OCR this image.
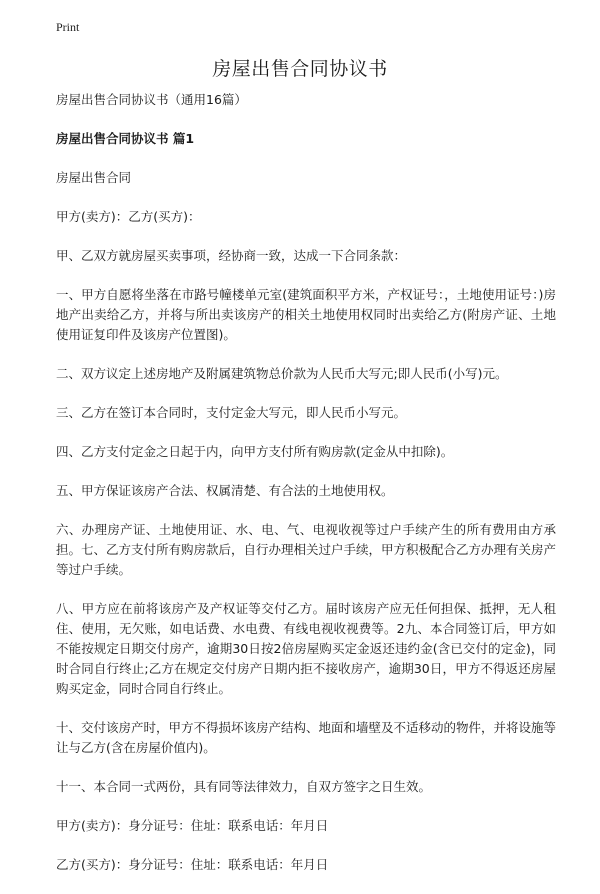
Print
房屋出售合同协议书

房屋出售合同协议书（通用16篇）

房屋出售合同协议书 篇1

房屋出售合同

甲方(卖方)：乙方(买方)：

甲、乙双方就房屋买卖事项，经协商一致，达成一下合同条款：

一、甲方自愿将坐落在市路号幢楼单元室(建筑面积平方米，产权证号：，土地使用证号：)房地产出卖给乙方，并将与所出卖该房产的相关土地使用权同时出卖给乙方(附房产证、土地使用证复印件及该房产位置图)。

二、双方议定上述房地产及附属建筑物总价款为人民币大写元;即人民币(小写)元。

三、乙方在签订本合同时，支付定金大写元，即人民币小写元。

四、乙方支付定金之日起于内，向甲方支付所有购房款(定金从中扣除)。

五、甲方保证该房产合法、权属清楚、有合法的土地使用权。

六、办理房产证、土地使用证、水、电、气、电视收视等过户手续产生的所有费用由方承担。七、乙方支付所有购房款后，自行办理相关过户手续，甲方积极配合乙方办理有关房产等过户手续。

八、甲方应在前将该房产及产权证等交付乙方。届时该房产应无任何担保、抵押，无人租住、使用，无欠账，如电话费、水电费、有线电视收视费等。2九、本合同签订后，甲方如不能按规定日期交付房产，逾期30日按2倍房屋购买定金返还违约金(含已交付的定金)，同时合同自行终止;乙方在规定交付房产日期内拒不接收房产，逾期30日，甲方不得返还房屋购买定金，同时合同自行终止。

十、交付该房产时，甲方不得损坏该房产结构、地面和墙壁及不适移动的物件，并将设施等让与乙方(含在房屋价值内)。

十一、本合同一式两份，具有同等法律效力，自双方签字之日生效。

甲方(卖方)：身分证号：住址：联系电话：年月日

乙方(买方)：身分证号：住址：联系电话：年月日
